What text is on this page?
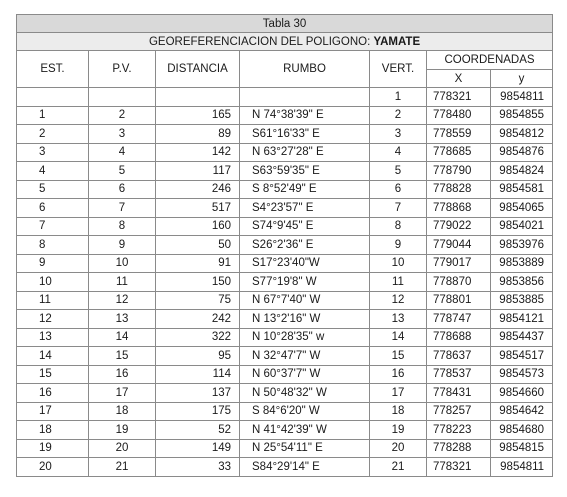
Tabla 30						
GEOREFERENCIACION DEL POLIGONO: YAMATE						
EST.	P.V.	DISTANCIA	RUMBO	VERT.	COORDENADAS	
					X	y
				1	778321	9854811
1	2	165	N 74°38'39" E	2	778480	9854855
2	3	89	S61°16'33" E	3	778559	9854812
3	4	142	N 63°27'28" E	4	778685	9854876
4	5	117	S63°59'35" E	5	778790	9854824
5	6	246	S 8°52'49" E	6	778828	9854581
6	7	517	S4°23'57" E	7	778868	9854065
7	8	160	S74°9'45" E	8	779022	9854021
8	9	50	S26°2'36" E	9	779044	9853976
9	10	91	S17°23'40"W	10	779017	9853889
10	11	150	S77°19'8" W	11	778870	9853856
11	12	75	N 67°7'40" W	12	778801	9853885
12	13	242	N 13°2'16" W	13	778747	9854121
13	14	322	N 10°28'35" w	14	778688	9854437
14	15	95	N 32°47'7" W	15	778637	9854517
15	16	114	N 60°37'7" W	16	778537	9854573
16	17	137	N 50°48'32" W	17	778431	9854660
17	18	175	S 84°6'20" W	18	778257	9854642
18	19	52	N 41°42'39" W	19	778223	9854680
19	20	149	N 25°54'11" E	20	778288	9854815
20	21	33	S84°29'14" E	21	778321	9854811
